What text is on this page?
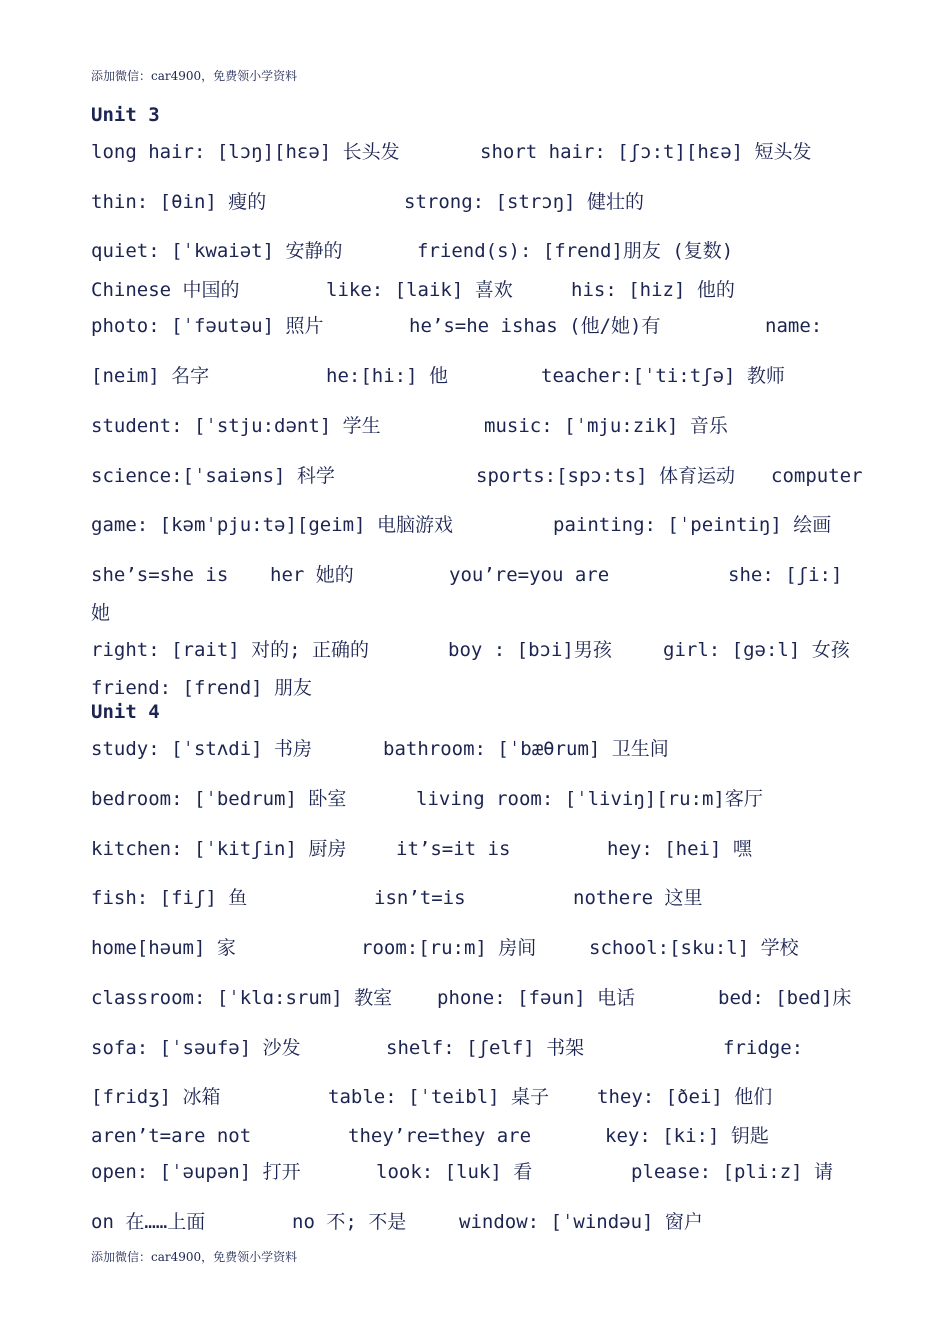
添加微信：car4900，免费领小学资料
Unit 3
long hair: [lɔŋ][hɛə] 长头发	short hair: [ʃɔ:t][hɛə] 短头发
thin: [θin] 瘦的	strong: [strɔŋ] 健壮的
quiet: [ˈkwaiət] 安静的	friend(s): [frend]朋友 (复数)
Chinese 中国的	like: [laik] 喜欢	his: [hiz] 他的
photo: [ˈfəutəu] 照片	he’s=he ishas (他/她)有	name:
[neim] 名字	he:[hi:] 他	teacher:[ˈti:tʃə] 教师
student: [ˈstju:dənt] 学生	music: [ˈmju:zik] 音乐
science:[ˈsaiəns] 科学	sports:[spɔ:ts] 体育运动 computer
game: [kəmˈpju:tə][geim] 电脑游戏	painting: [ˈpeintiŋ] 绘画
she’s=she is her 她的	you’re=you are	she: [ʃi:]
她
right: [rait] 对的; 正确的	boy : [bɔi]男孩	girl: [gə:l] 女孩
friend: [frend] 朋友
Unit 4
study: [ˈstʌdi] 书房	bathroom: [ˈbæθrum] 卫生间
bedroom: [ˈbedrum] 卧室	living room: [ˈliviŋ][ru:m]客厅
kitchen: [ˈkitʃin] 厨房	it’s=it is	hey: [hei] 嘿
fish: [fiʃ] 鱼	isn’t=is	nothere 这里
home[həum] 家	room:[ru:m] 房间	school:[sku:l] 学校
classroom: [ˈklɑ:srum] 教室 phone: [fəun] 电话	bed: [bed]床
sofa: [ˈsəufə] 沙发	shelf: [ʃelf] 书架	fridge:
[fridʒ] 冰箱	table: [ˈteibl] 桌子	they: [ðei] 他们
aren’t=are not	they’re=they are	key: [ki:] 钥匙
open: [ˈəupən] 打开	look: [luk] 看	please: [pli:z] 请
on 在……上面	no 不; 不是	window: [ˈwindəu] 窗户
添加微信：car4900，免费领小学资料
